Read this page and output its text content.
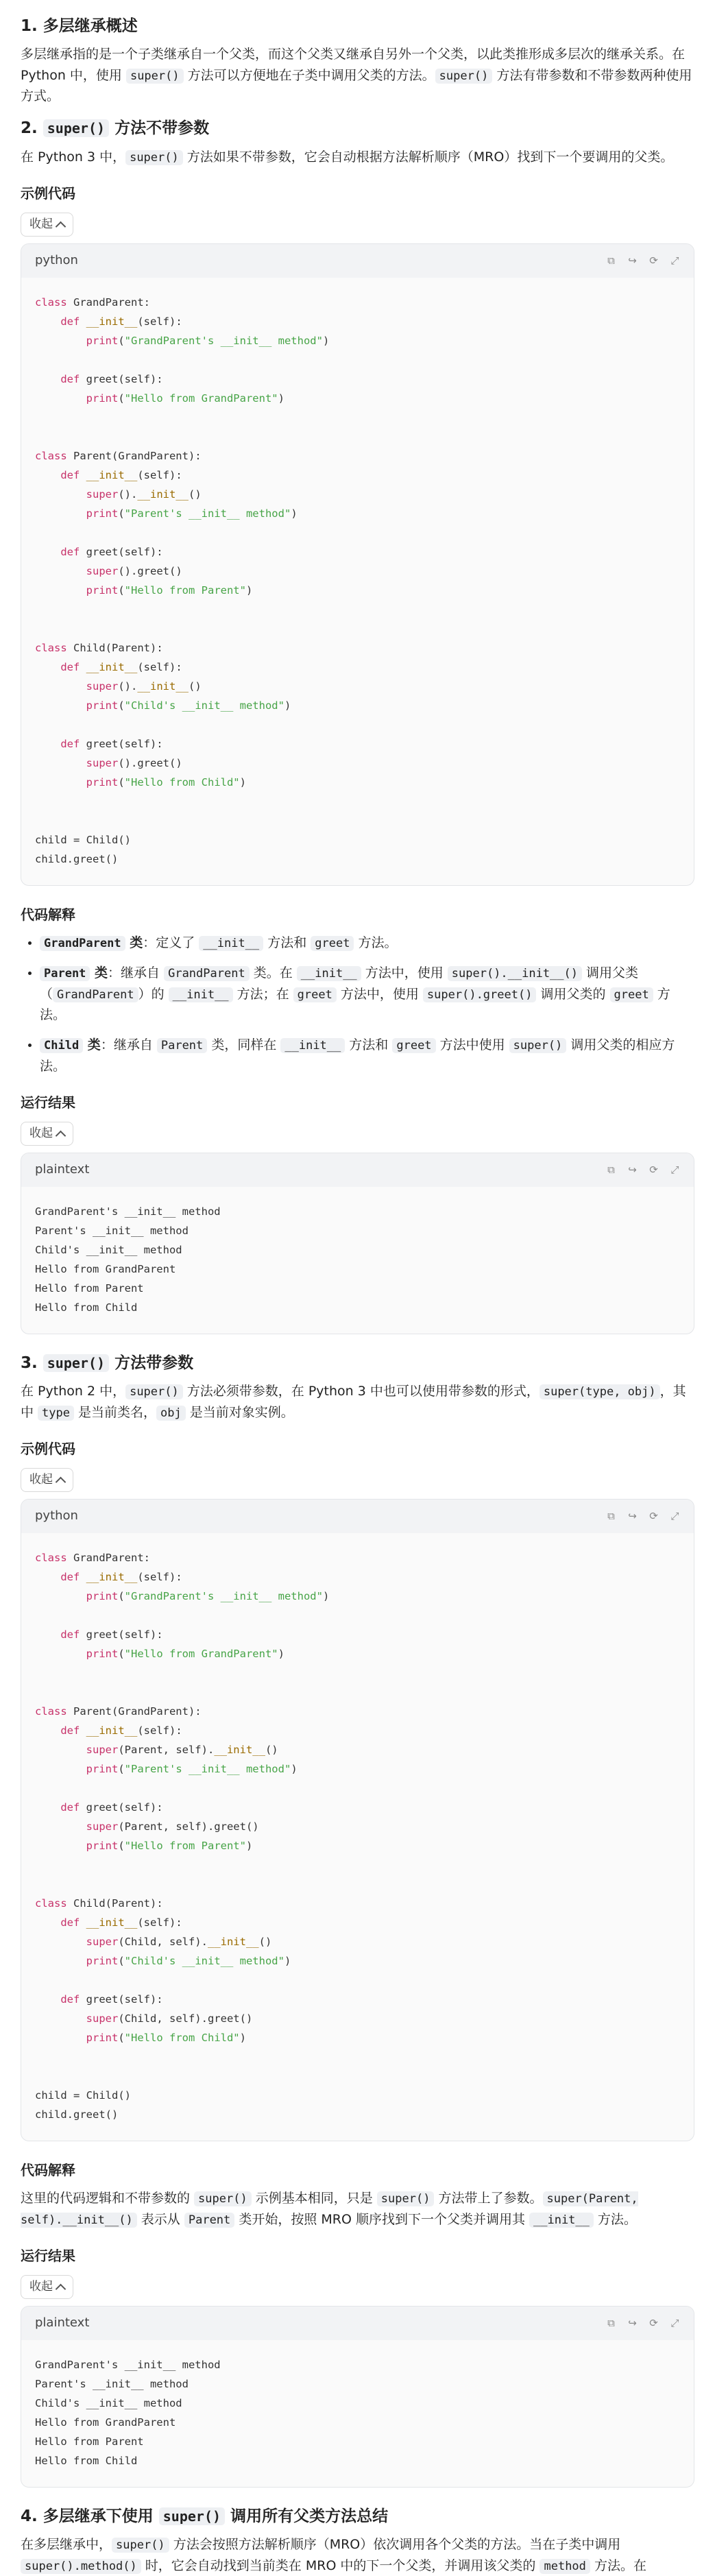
1. 多层继承概述

多层继承指的是一个子类继承自一个父类，而这个父类又继承自另外一个父类，以此类推形成多层次的继承关系。在 Python 中，使用 super() 方法可以方便地在子类中调用父类的方法。 super() 方法有带参数和不带参数两种使用方式。

2. super() 方法不带参数

在 Python 3 中， super() 方法如果不带参数，它会自动根据方法解析顺序（MRO）找到下一个要调用的父类。

示例代码
收起
python	⧉ ↪ ⟳ ⤢
class GrandParent:
def __init__(self):
print("GrandParent's __init__ method")

def greet(self):
print("Hello from GrandParent")

class Parent(GrandParent):
def __init__(self):
super().__init__()
print("Parent's __init__ method")

def greet(self):
super().greet()
print("Hello from Parent")

class Child(Parent):
def __init__(self):
super().__init__()
print("Child's __init__ method")

def greet(self):
super().greet()
print("Hello from Child")

child = Child()
child.greet()
代码解释
• GrandParent 类：定义了 __init__ 方法和 greet 方法。
• Parent 类：继承自 GrandParent 类。在 __init__ 方法中，使用 super().__init__() 调用父类（ GrandParent ）的 __init__ 方法；在 greet 方法中，使用 super().greet() 调用父类的 greet 方法。
• Child 类：继承自 Parent 类，同样在 __init__ 方法和 greet 方法中使用 super() 调用父类的相应方法。
运行结果
收起
plaintext	⧉ ↪ ⟳ ⤢
GrandParent's __init__ method
Parent's __init__ method
Child's __init__ method
Hello from GrandParent
Hello from Parent
Hello from Child
3. super() 方法带参数

在 Python 2 中， super() 方法必须带参数，在 Python 3 中也可以使用带参数的形式， super(type, obj) ，其中 type 是当前类名， obj 是当前对象实例。

示例代码
收起
python	⧉ ↪ ⟳ ⤢
class GrandParent:
def __init__(self):
print("GrandParent's __init__ method")

def greet(self):
print("Hello from GrandParent")

class Parent(GrandParent):
def __init__(self):
super(Parent, self).__init__()
print("Parent's __init__ method")

def greet(self):
super(Parent, self).greet()
print("Hello from Parent")

class Child(Parent):
def __init__(self):
super(Child, self).__init__()
print("Child's __init__ method")

def greet(self):
super(Child, self).greet()
print("Hello from Child")

child = Child()
child.greet()
代码解释

这里的代码逻辑和不带参数的 super() 示例基本相同，只是 super() 方法带上了参数。 super(Parent, self).__init__() 表示从 Parent 类开始，按照 MRO 顺序找到下一个父类并调用其 __init__ 方法。

运行结果
收起
plaintext	⧉ ↪ ⟳ ⤢
GrandParent's __init__ method
Parent's __init__ method
Child's __init__ method
Hello from GrandParent
Hello from Parent
Hello from Child
4. 多层继承下使用 super() 调用所有父类方法总结

在多层继承中， super() 方法会按照方法解析顺序（MRO）依次调用各个父类的方法。当在子类中调用 super().method() 时，它会自动找到当前类在 MRO 中的下一个父类，并调用该父类的 method 方法。在
